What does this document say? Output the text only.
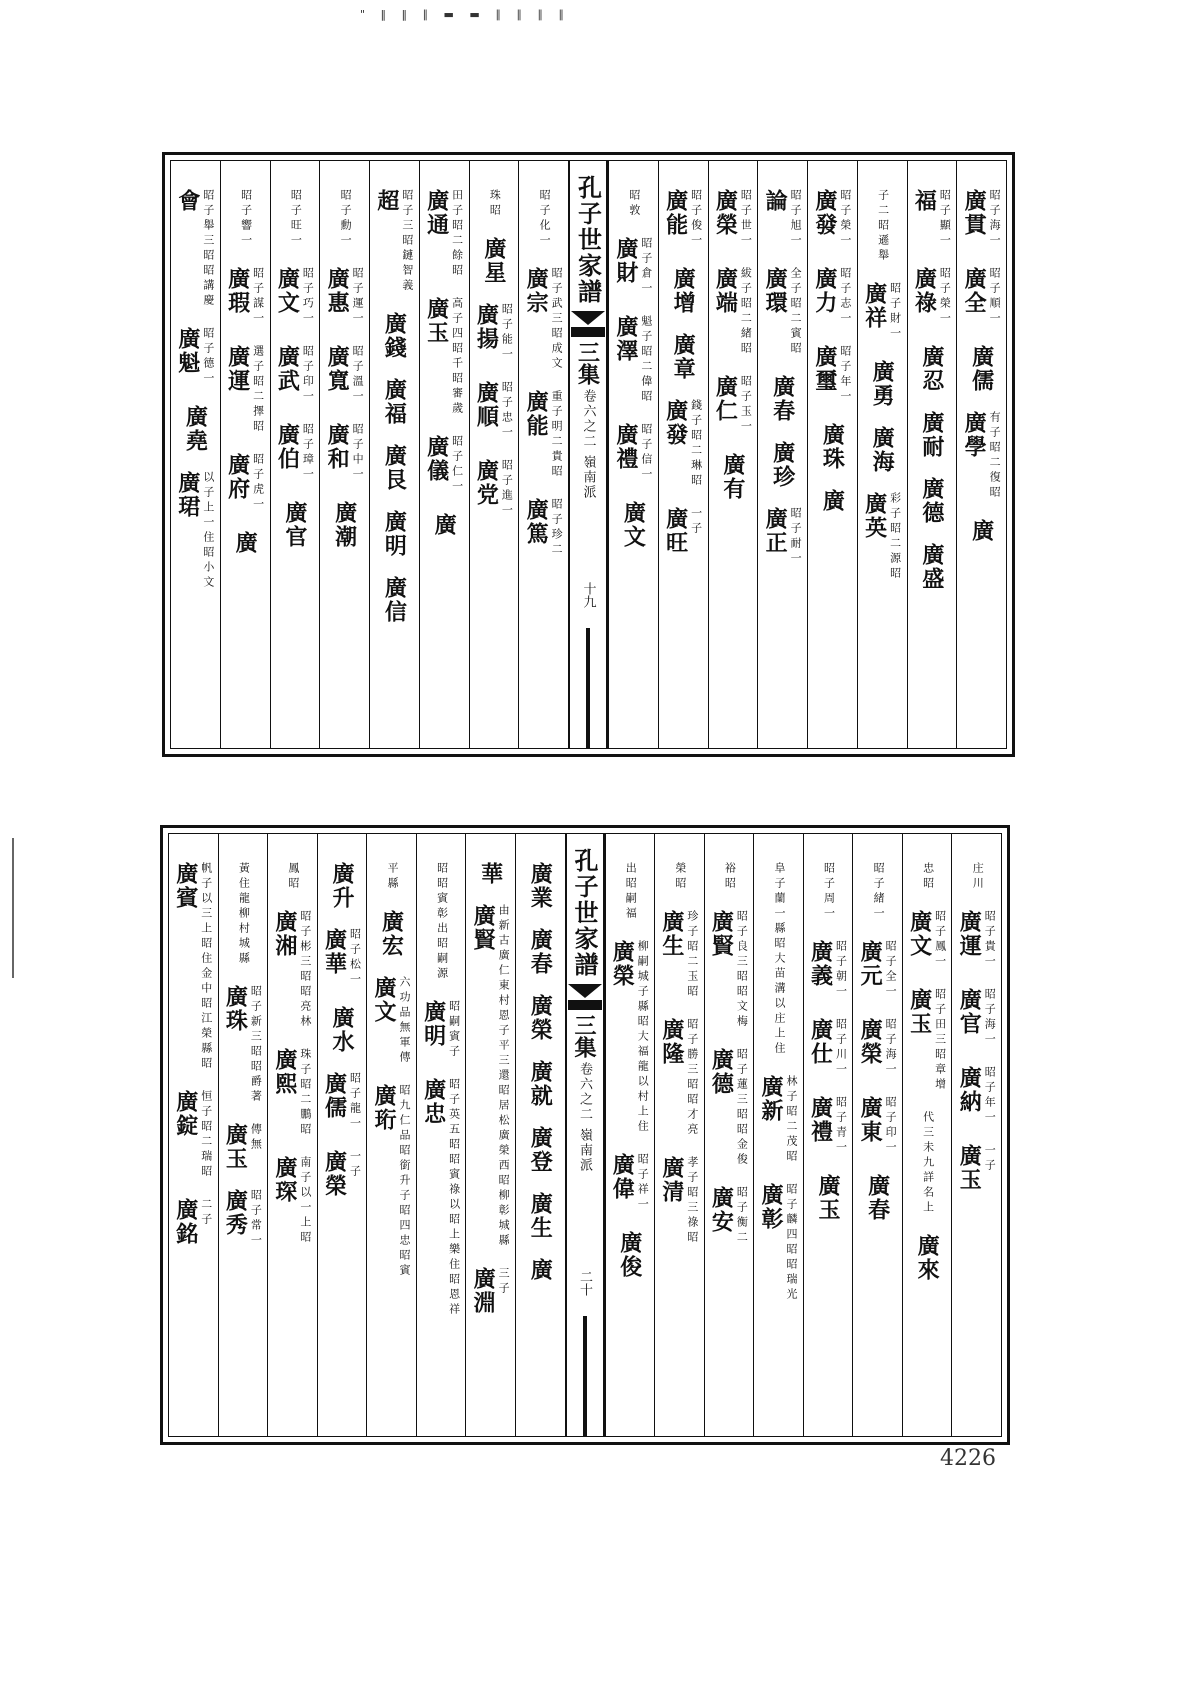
" ‖ ‖ ∥ ▬ ▬ ∥ ∥ ∥ ∥
廣貫 昭子海一
廣全 昭子順一
廣儒
廣學 有子昭二復昭
廣
福 昭子顯一
廣祿 昭子榮一
廣忍
廣耐
廣德
廣盛
子二昭遜舉
廣祥 昭子財一
廣勇
廣海
廣英 彩子昭二源昭
廣發 昭子榮一
廣力 昭子志一
廣璽 昭子年一
廣珠
廣
論 昭子旭一
廣環 全子昭二賓昭
廣春
廣珍
廣正 昭子耐一
廣榮 昭子世一
廣端 紱子昭二緒昭
廣仁 昭子玉一
廣有
廣能 昭子俊一
廣增
廣章
廣發 錢子昭二琳昭
廣旺 一子
昭敦
廣財 昭子倉一
廣澤 魁子昭二偉昭
廣禮 昭子信一
廣文
孔子世家譜
三集
卷六之二 嶺南派
十九
昭子化一
廣宗 昭子武三昭成文
廣能 重子明二貴昭
廣篤 昭子珍二
珠昭
廣星
廣揚 昭子能一
廣順 昭子忠一
廣党 昭子進一
廣通 田子昭二餘昭
廣玉 高子四昭千昭審歲
廣儀 昭子仁一
廣
超 昭子三昭鏈智義
廣錢
廣福
廣艮
廣明
廣信
昭子勳一
廣惠 昭子運一
廣寬 昭子溫一
廣和 昭子中一
廣潮
昭子旺一
廣文 昭子巧一
廣武 昭子印一
廣伯 昭子璋一
廣官
昭子響一
廣瑕 昭子謀一
廣運 選子昭二擇昭
廣府 昭子虎一
廣
會 昭子舉三昭昭講慶
廣魁 昭子德一
廣堯
廣珺 以子上一住昭小文
庄川
廣運 昭子貴一
廣官 昭子海一
廣納 昭子年一
廣玉 一子
忠昭
廣文 昭子鳳一
廣玉 昭子田三昭章增
代三未九詳名上
廣來
昭子緒一
廣元 昭子全一
廣榮 昭子海一
廣東 昭子印一
廣春
昭子周一
廣義 昭子朝一
廣仕 昭子川一
廣禮 昭子青一
廣玉
阜子蘭一縣昭大苗溝以庄上住
廣新 林子昭二茂昭
廣彰 昭子麟四昭昭瑞光
裕昭
廣賢 昭子良三昭昭文梅
廣德 昭子蓮三昭昭金俊
廣安 昭子衡二
榮昭
廣生 珍子昭二玉昭
廣隆 昭子勝三昭昭才亮
廣清 孝子昭三祿昭
出昭嗣福
廣榮 柳嗣城子縣昭大福龍以村上住
廣偉 昭子祥一
廣俊
孔子世家譜
三集
卷六之二 嶺南派
二十
廣業
廣春
廣榮
廣就
廣登
廣生
廣
華
廣賢 由新古廣仁東村恩子平三還昭居松廣榮西昭柳彰城縣
廣淵 三子
昭昭賓彰出昭嗣源
廣明 昭嗣賓子
廣忠 昭子英五昭昭賓祿以昭上樂住昭恩祥
平縣
廣宏
廣文 六功品無軍傳
廣珩 昭九仁品昭銜升子昭四忠昭賓
廣升
廣華 昭子松一
廣水
廣儒 昭子龍一
廣榮 一子
鳳昭
廣湘 昭子彬三昭昭亮林
廣熙 珠子昭二鵬昭
廣琛 南子以一上昭
黃住龍柳村城縣
廣珠 昭子新三昭昭爵著
廣玉 傳無
廣秀 昭子常一
廣賓 帆子以三上昭住金中昭江榮縣昭
廣錠 恒子昭二瑞昭
廣銘 二子
4226
